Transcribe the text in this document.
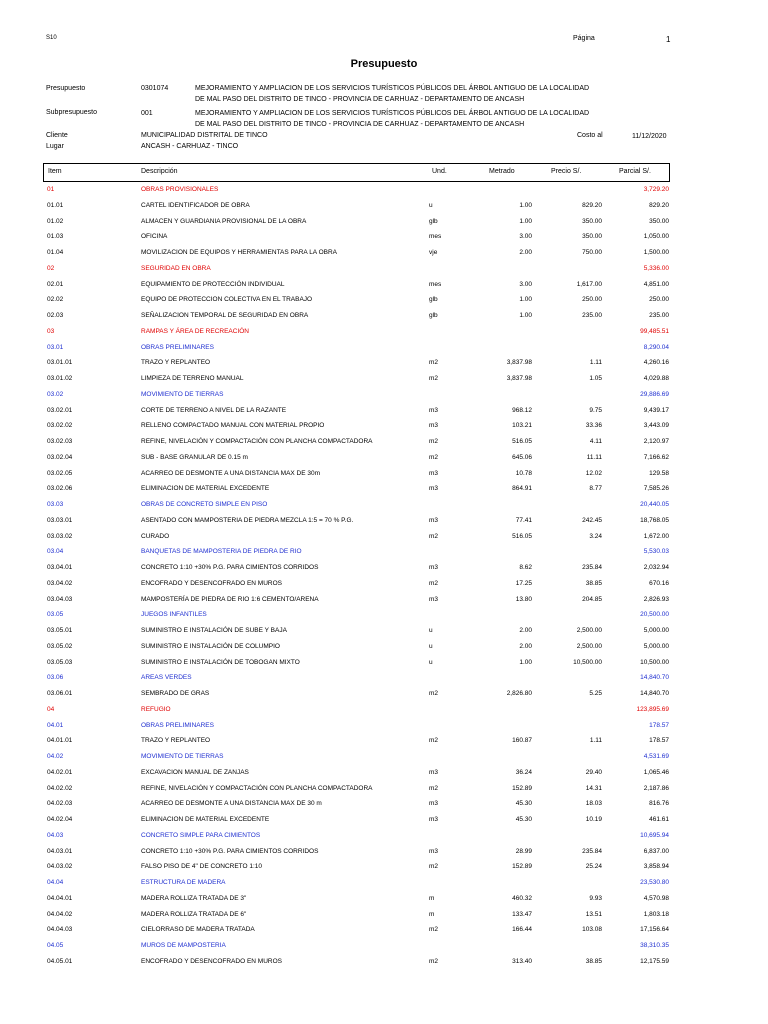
S10	Página	1
Presupuesto
Presupuesto	0301074	MEJORAMIENTO Y AMPLIACION DE LOS SERVICIOS TURÍSTICOS PÚBLICOS DEL ÁRBOL ANTIGUO DE LA LOCALIDAD
DE MAL PASO DEL DISTRITO DE TINCO - PROVINCIA DE CARHUAZ - DEPARTAMENTO DE ANCASH
Subpresupuesto	001	MEJORAMIENTO Y AMPLIACION DE LOS SERVICIOS TURÍSTICOS PÚBLICOS DEL ÁRBOL ANTIGUO DE LA LOCALIDAD
DE MAL PASO DEL DISTRITO DE TINCO - PROVINCIA DE CARHUAZ - DEPARTAMENTO DE ANCASH
Cliente	MUNICIPALIDAD DISTRITAL DE TINCO	Costo al	11/12/2020
Lugar	ANCASH - CARHUAZ - TINCO
Item	Descripción	Und.	Metrado	Precio S/.	Parcial S/.
01	OBRAS PROVISIONALES	3,729.20
01.01	CARTEL IDENTIFICADOR DE OBRA	u	1.00	829.20	829.20
01.02	ALMACEN Y GUARDIANIA PROVISIONAL DE LA OBRA	glb	1.00	350.00	350.00
01.03	OFICINA	mes	3.00	350.00	1,050.00
01.04	MOVILIZACION DE EQUIPOS Y HERRAMIENTAS PARA LA OBRA	vje	2.00	750.00	1,500.00
02	SEGURIDAD EN OBRA	5,336.00
02.01	EQUIPAMIENTO DE PROTECCIÓN INDIVIDUAL	mes	3.00	1,617.00	4,851.00
02.02	EQUIPO DE PROTECCION COLECTIVA EN EL TRABAJO	glb	1.00	250.00	250.00
02.03	SEÑALIZACION TEMPORAL DE SEGURIDAD EN OBRA	glb	1.00	235.00	235.00
03	RAMPAS Y ÁREA DE RECREACIÓN	99,485.51
03.01	OBRAS PRELIMINARES	8,290.04
03.01.01	TRAZO Y REPLANTEO	m2	3,837.98	1.11	4,260.16
03.01.02	LIMPIEZA DE TERRENO MANUAL	m2	3,837.98	1.05	4,029.88
03.02	MOVIMIENTO DE TIERRAS	29,886.69
03.02.01	CORTE DE TERRENO A NIVEL DE LA RAZANTE	m3	968.12	9.75	9,439.17
03.02.02	RELLENO COMPACTADO MANUAL CON MATERIAL PROPIO	m3	103.21	33.36	3,443.09
03.02.03	REFINE, NIVELACIÓN Y COMPACTACIÓN CON PLANCHA COMPACTADORA	m2	516.05	4.11	2,120.97
03.02.04	SUB - BASE GRANULAR DE 0.15 m	m2	645.06	11.11	7,166.62
03.02.05	ACARREO DE DESMONTE A UNA DISTANCIA MAX DE 30m	m3	10.78	12.02	129.58
03.02.06	ELIMINACION DE MATERIAL EXCEDENTE	m3	864.91	8.77	7,585.26
03.03	OBRAS DE CONCRETO SIMPLE EN PISO	20,440.05
03.03.01	ASENTADO CON MAMPOSTERIA DE PIEDRA MEZCLA 1:5 = 70 % P.G.	m3	77.41	242.45	18,768.05
03.03.02	CURADO	m2	516.05	3.24	1,672.00
03.04	BANQUETAS DE MAMPOSTERIA DE PIEDRA DE RIO	5,530.03
03.04.01	CONCRETO 1:10 +30% P.G. PARA CIMIENTOS CORRIDOS	m3	8.62	235.84	2,032.94
03.04.02	ENCOFRADO Y DESENCOFRADO EN MUROS	m2	17.25	38.85	670.16
03.04.03	MAMPOSTERÍA DE PIEDRA DE RIO 1:6 CEMENTO/ARENA	m3	13.80	204.85	2,826.93
03.05	JUEGOS INFANTILES	20,500.00
03.05.01	SUMINISTRO E INSTALACIÓN DE SUBE Y BAJA	u	2.00	2,500.00	5,000.00
03.05.02	SUMINISTRO E INSTALACIÓN DE COLUMPIO	u	2.00	2,500.00	5,000.00
03.05.03	SUMINISTRO E INSTALACIÓN DE TOBOGAN MIXTO	u	1.00	10,500.00	10,500.00
03.06	AREAS VERDES	14,840.70
03.06.01	SEMBRADO DE GRAS	m2	2,826.80	5.25	14,840.70
04	REFUGIO	123,895.69
04.01	OBRAS PRELIMINARES	178.57
04.01.01	TRAZO Y REPLANTEO	m2	160.87	1.11	178.57
04.02	MOVIMIENTO DE TIERRAS	4,531.69
04.02.01	EXCAVACION MANUAL DE ZANJAS	m3	36.24	29.40	1,065.46
04.02.02	REFINE, NIVELACIÓN Y COMPACTACIÓN CON PLANCHA COMPACTADORA	m2	152.89	14.31	2,187.86
04.02.03	ACARREO DE DESMONTE A UNA DISTANCIA MAX DE 30 m	m3	45.30	18.03	816.76
04.02.04	ELIMINACION DE MATERIAL EXCEDENTE	m3	45.30	10.19	461.61
04.03	CONCRETO SIMPLE PARA CIMIENTOS	10,695.94
04.03.01	CONCRETO 1:10 +30% P.G. PARA CIMIENTOS CORRIDOS	m3	28.99	235.84	6,837.00
04.03.02	FALSO PISO DE 4" DE CONCRETO 1:10	m2	152.89	25.24	3,858.94
04.04	ESTRUCTURA DE MADERA	23,530.80
04.04.01	MADERA ROLLIZA TRATADA DE 3"	m	460.32	9.93	4,570.98
04.04.02	MADERA ROLLIZA TRATADA DE 6"	m	133.47	13.51	1,803.18
04.04.03	CIELORRASO DE MADERA TRATADA	m2	166.44	103.08	17,156.64
04.05	MUROS DE MAMPOSTERIA	38,310.35
04.05.01	ENCOFRADO Y DESENCOFRADO EN MUROS	m2	313.40	38.85	12,175.59
